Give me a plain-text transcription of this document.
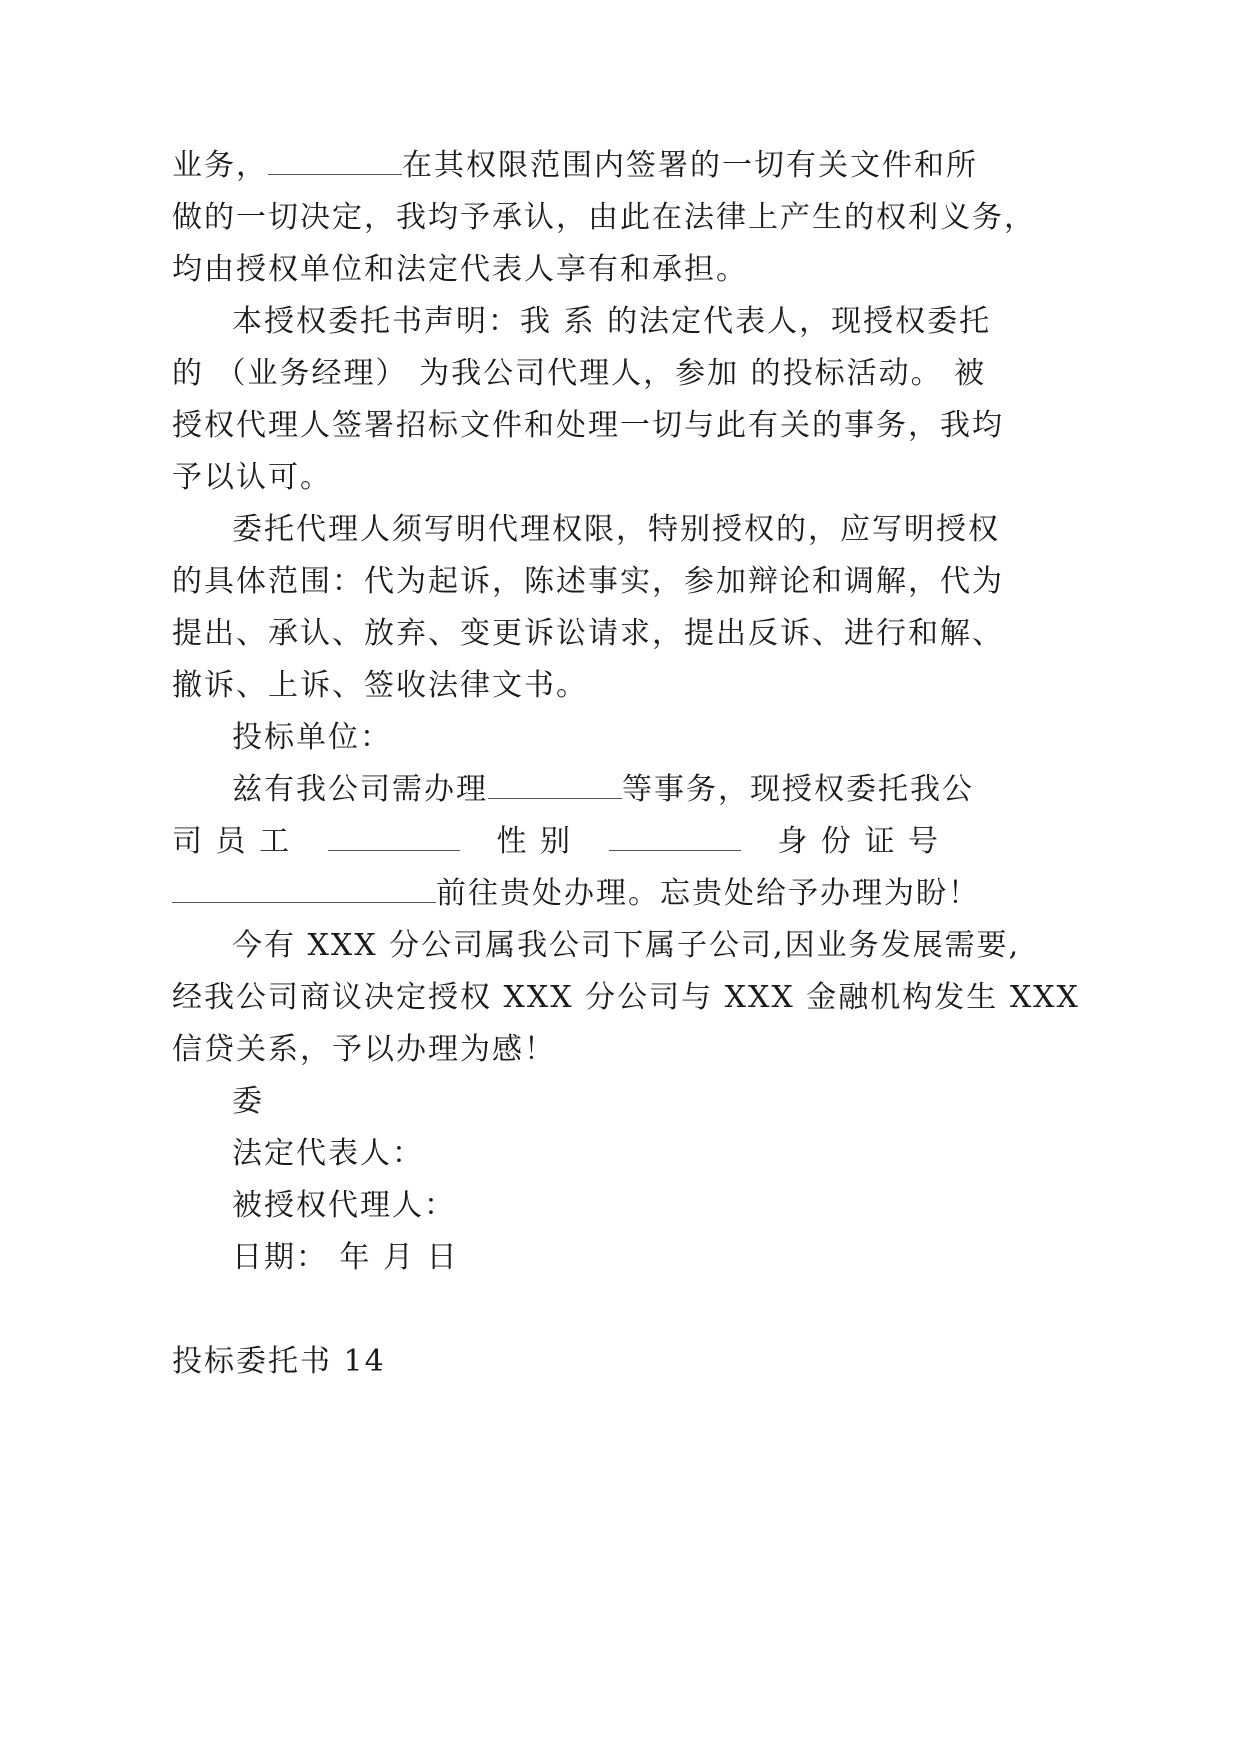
业务，	在其权限范围内签署的一切有关文件和所
做的一切决定，我均予承认，由此在法律上产生的权利义务，
均由授权单位和法定代表人享有和承担。
本授权委托书声明：我 系 的法定代表人，现授权委托
的 （业务经理） 为我公司代理人，参加 的投标活动。 被
授权代理人签署招标文件和处理一切与此有关的事务，我均
予以认可。
委托代理人须写明代理权限，特别授权的，应写明授权
的具体范围：代为起诉，陈述事实，参加辩论和调解，代为
提出、承认、放弃、变更诉讼请求，提出反诉、进行和解、
撤诉、上诉、签收法律文书。
投标单位：
兹有我公司需办理	等事务，现授权委托我公
司 员 工	性 别	身 份 证 号
前往贵处办理。忘贵处给予办理为盼！
今有 XXX 分公司属我公司下属子公司,因业务发展需要,
经我公司商议决定授权 XXX 分公司与 XXX 金融机构发生 XXX
信贷关系，予以办理为感！
委
法定代表人：
被授权代理人：
日期： 年 月 日
投标委托书 14
